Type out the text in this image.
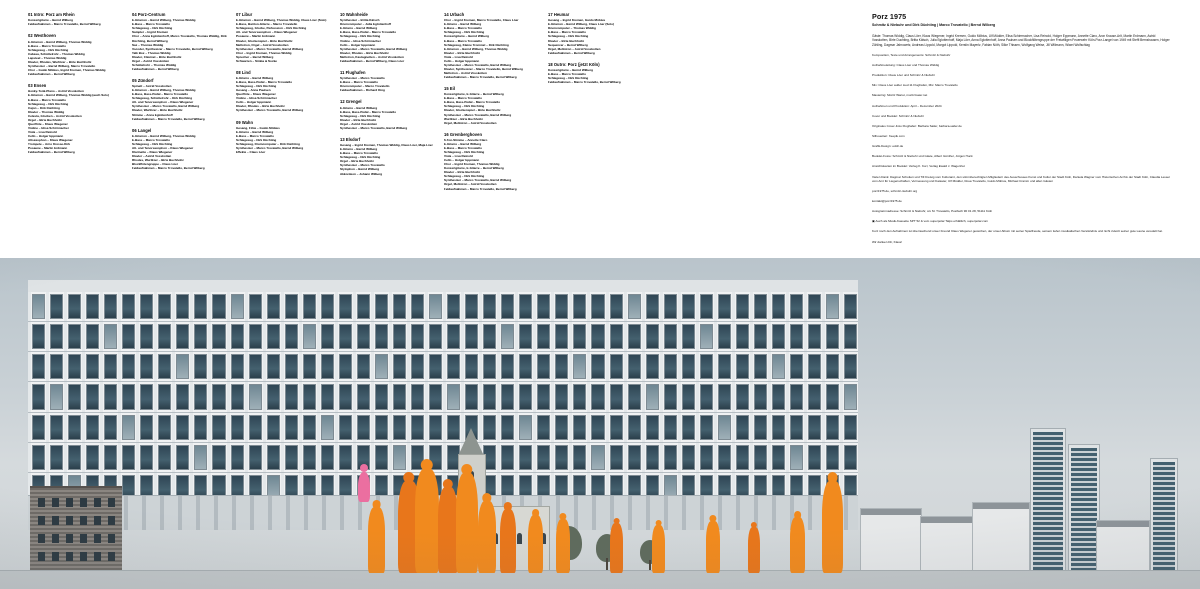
01 Intro: Porz am Rhein
Konzertgitarre – Bernd Wilberg
Feldaufnahmen – Marco Trovatello, Bernd Wilberg
02 Westhoven
E-Gitarren – Bernd Wilberg, Thomas Widdig
E-Bass – Marco Trovatello
Schlagzeug – Dirk Düchting
Cabasa, Schüttelrohr – Thomas Widdig
Lapsteel – Thomas Widdig
Klavier, Rhodes, Wurlitzer – Birte Buchholtz
Synthesizer – Bernd Wilberg, Marco Trovatello
Chor – Guido Möbius, Ingrid Kremen, Thomas Widdig
Feldaufnahmen – Bernd Wilberg
03 Ensen
Honky-Tonk-Piano – Astrid Vosskotten
E-Gitarren – Bernd Wilberg, Thomas Widdig (auch Solo)
E-Bass – Marco Trovatello
Schlagzeug – Dirk Düchting
Cajon – Dirk Düchting
Klavier – Thomas Widdig
Celesta, Glocken – Astrid Vosskotten
Orgel – Birte Buchholtz
Querflöte – Klaus Wiegener
Violine – Elisa Schirrmacher
Viola – Lisa Reinold
Cello – Holger Eppmann
Altsaxophon – Klaus Wiegener
Trompete – Arno Kresse-Kirk
Posaune – Martin Erdmann
Feldaufnahmen – Bernd Wilberg
04 Porz-Centrum
E-Gitarren – Bernd Wilberg, Thomas Widdig
E-Bass – Marco Trovatello
Schlagzeug – Dirk Düchting
Sampler – Ingrid Kremen
Chor – Anna Eglottenhoff, Marco Trovatello, Thomas Widdig, Dirk Düchting, Bernd Wilberg
Saz – Thomas Widdig
Vocoder, Synthesizer – Marco Trovatello, Bernd Wilberg
Talk Box – Thomas Widdig
Klavier, Clavinet – Birte Buchholtz
Orgel – Astrid Vosskotten
Schüttelrohr – Thomas Widdig
Feldaufnahmen – Bernd Wilberg
05 Zündorf
Spinett – Astrid Vosskotten
E-Gitarren – Bernd Wilberg, Thomas Widdig
E-Bass, Bass-Pedal – Marco Trovatello
Schlagzeug, Schüttelrohr – Dirk Düchting
Alt- und Tenorsaxophon – Klaus Wiegener
Synthesizer – Marco Trovatello, Bernd Wilberg
Klavier, Wurlitzer – Birte Buchholtz
Stimme – Anna Eglottenhoff
Feldaufnahmen – Marco Trovatello, Bernd Wilberg
06 Langel
E-Gitarren – Bernd Wilberg, Thomas Widdig
E-Bass – Marco Trovatello
Schlagzeug – Dirk Düchting
Alt- und Tenorsaxophon – Klaus Wiegener
Klarinette – Klaus Wiegener
Klavier – Astrid Vosskotten
Rhodes, Wurlitzer – Birte Buchholtz
Blockflötengruppe – Claus Löer
Feldaufnahmen – Marco Trovatello, Bernd Wilberg
07 Libur
E-Gitarren – Bernd Wilberg, Thomas Widdig, Claus Löer (Solo)
E-Bass, Bariton-Gitarre – Marco Trovatello
Schlagzeug, Glocke, Perkussion – Dirk Düchting
Alt- und Tenorsaxophon – Klaus Wiegener
Posaune – Martin Erdmann
Klavier, Glockenspiel – Birte Buchholtz
Mellotron, Orgel – Astrid Vosskotten
Synthesizer – Marco Trovatello, Bernd Wilberg
Chor – Ingrid Kremen, Thomas Widdig
Sprecher – Bernd Wilberg
Schwarren – Simba & Socke
08 Lind
E-Gitarre – Bernd Wilberg
E-Bass, Bass-Pedal – Marco Trovatello
Schlagzeug – Dirk Düchting
Gesang – Anna Paulsen
Querflöte – Klaus Wiegener
Violine – Elisa Schirrmacher
Cello – Holger Eppmann
Klavier, Rhodes – Birte Buchholtz
Synthesizer – Marco Trovatello, Bernd Wilberg
09 Wahn
Gesang, Flöte – Guido Möbius
E-Gitarre – Bernd Wilberg
E-Bass – Marco Trovatello
Schlagzeug – Dirk Düchting
Schlagzeug, Drumcomputer – Dirk Düchting
Synthesizer – Marco Trovatello, Bernd Wilberg
Effekte – Claus Löer
10 Wahnheide
Synthesizer – Britta Kätsch
Drumcomputer – Julia Eglottenhoff
E-Gitarre – Bernd Wilberg
E-Bass, Bass-Pedal – Marco Trovatello
Schlagzeug – Dirk Düchting
Violine – Elisa Schirrmacher
Cello – Holger Eppmann
Synthesizer – Marco Trovatello, Bernd Wilberg
Klavier, Rhodes – Birte Buchholtz
Mellotron, Kastagnetten – Astrid Vosskotten
Feldaufnahmen – Bernd Wilberg, Claus Löer
11 Flughafen
Synthesizer – Marco Trovatello
E-Bass – Marco Trovatello
Drumcomputer – Marco Trovatello
Feldaufnahmen – Richard King
12 Grengel
E-Gitarre – Bernd Wilberg
E-Bass, Bass-Pedal – Marco Trovatello
Schlagzeug – Dirk Düchting
Klavier – Birte Buchholtz
Orgel – Astrid Vosskotten
Synthesizer – Marco Trovatello, Bernd Wilberg
13 Elsdorf
Gesang – Ingrid Kremen, Thomas Widdig, Claus Löer, Maja Löer
E-Gitarre – Bernd Wilberg
E-Bass – Marco Trovatello
Schlagzeug – Dirk Düchting
Orgel – Birte Buchholtz
Synthesizer – Marco Trovatello
Stylophon – Bernd Wilberg
Akkordeon – Johann Wilberg
14 Urbach
Chor – Ingrid Kremen, Marco Trovatello, Claus Löer
E-Gitarre – Bernd Wilberg
E-Bass – Marco Trovatello
Schlagzeug – Dirk Düchting
Konzertgitarre – Bernd Wilberg
E-Bass – Marco Trovatello
Schlagzeug, Kleine Trommel – Dirk Düchting
E-Gitarren – Bernd Wilberg, Thomas Widdig
Klavier – Birte Buchholtz
Viola – Lisa Reinold
Cello – Holger Eppmann
Synthesizer – Marco Trovatello, Bernd Wilberg
Klavier, Synthesizer – Marco Trovatello, Bernd Wilberg
Mellotron – Astrid Vosskotten
Feldaufnahmen – Marco Trovatello, Bernd Wilberg
15 Eil
Konzertgitarre, E-Gitarre – Bernd Wilberg
E-Bass – Marco Trovatello
E-Bass, Bass-Pedal – Marco Trovatello
Schlagzeug – Dirk Düchting
Klavier, Glockenspiel – Birte Buchholtz
Synthesizer – Marco Trovatello, Bernd Wilberg
Wurlitzer – Birte Buchholtz
Orgel, Mellotron – Astrid Vosskotten
16 Gremberghoven
6-Ton-Stimme – Annette Claro
E-Gitarre – Bernd Wilberg
E-Bass – Marco Trovatello
Schlagzeug – Dirk Düchting
Viola – Lisa Reinold
Cello – Holger Eppmann
Chor – Ingrid Kremen, Thomas Widdig
Konzertgitarre, E-Gitarre – Bernd Wilberg
Klavier – Birte Buchholtz
Schlagzeug – Dirk Düchting
Synthesizer – Marco Trovatello, Bernd Wilberg
Orgel, Mellotron – Astrid Vosskotten
Feldaufnahmen – Marco Trovatello, Bernd Wilberg
17 Heumar
Gesang – Ingrid Kremen, Guido Möbius
E-Gitarren – Bernd Wilberg, Claus Löer (Solo)
Drumcomputer – Thomas Widdig
E-Bass – Marco Trovatello
Schlagzeug – Dirk Düchting
Klavier – Birte Buchholtz
Sequencer – Bernd Wilberg
Orgel, Mellotron – Astrid Vosskotten
Feldaufnahmen – Bernd Wilberg
18 Outro: Porz (jetzt Köln)
Konzertgitarre – Bernd Wilberg
E-Bass – Marco Trovatello
Schlagzeug – Dirk Düchting
Feldaufnahmen – Marco Trovatello, Bernd Wilberg
Porz 1975
Schmitz & Niebuhr und Dirk Düchting | Marco Trovatello | Bernd Wilberg

Gäste: Thomas Widdig, Claus Löer, Klaus Wiegener, Ingrid Kremen, Guido Möbius, Ulf Müdder, Elisa Schirrmacher, Lisa Reinold, Holger Eppmann, Annette Claro, Aron Krause-Arlt, Martin Erdmann, Astrid Vosskotten, Birte Duchting, Britta Kätsch, Julia Eglottenhoff, Maja Löer, Anna Eglottenhoff, Anna Paulsen und Blockflötengruppe der Freiwilligen Feuerwehr Köln-Porz-Langel von 1949 mit Steffi Bernshausen, Holger Zühling, Dagmar Jahrowetz, Andreas Lippold, Margot Lippold, Kerstin Mayerlz, Fabian Nöth, Silke Thissen, Wolfgang Weise, Jill Willmann, Wiwei Wolfschlag

Komposition, Texte und Arrangements: Schmitz & Niebuhr

Aufnahmeleitung: Claus Löer und Thomas Widdig

Produktion: Claus Löer und Schmitz & Niebuhr

Mix: Claus Löer außer Lied 11 Flughafen, Mix: Marco Trovatello

Mastering: Moritz Wanst, moritzmaier.net

Aufnahmen und Produktion: April – Dezember 2024

Cover und Booklet: Schmitz & Niebuhr

Originales Cover-Foto Flughafen: Barbara Sailer, barbara-sailer.de

Silhouetten: freepik.com

Grafik-Design: eddz.de

Booklet-Fotos: Schmitz & Niebuhr und Gäste, Albert Günther, Jürgen Huck

Ansichtskarten im Booklet: Verlag K. Korr, Verlag Ewald J. Wagenhut

Vielen Dank: Dagmar Schotten und Till Kreisig vom Kulturamt, den stimmberechtigten Mitgliedern des Ausschusses Kunst und Kultur der Stadt Köln, Daniela Wagner vom Historischen Archiv der Stadt Köln, Claudia Lesser vom Amt für Liegenschaften, Vermessung und Kataster, Ulf Müdder, Rosa Trovatello, Guido Möbius, Michael Cramm und allen Gästen

porz1975.de, schmitz-niebuhr.org

kontakt@porz1975.de

Autogrammadresse: Schmitz & Niebuhr, c/o M. Trovatello, Postfach 90 01 28, 51111 Köln

▣ Auch als Musik-Kassette SPT 52 & vom superpolar Talps erhältlich, superpolar.com

Kurz noch den Aufnahmen ist überraschend unser Freund Klaus Wegener gestorben, der unser Album mit seiner Spielfreude, seinem tiefen musikalischen Verständnis und nicht zuletzt seiner gute Laune veredelt hat.

Wir danken Dir, Klaus!
